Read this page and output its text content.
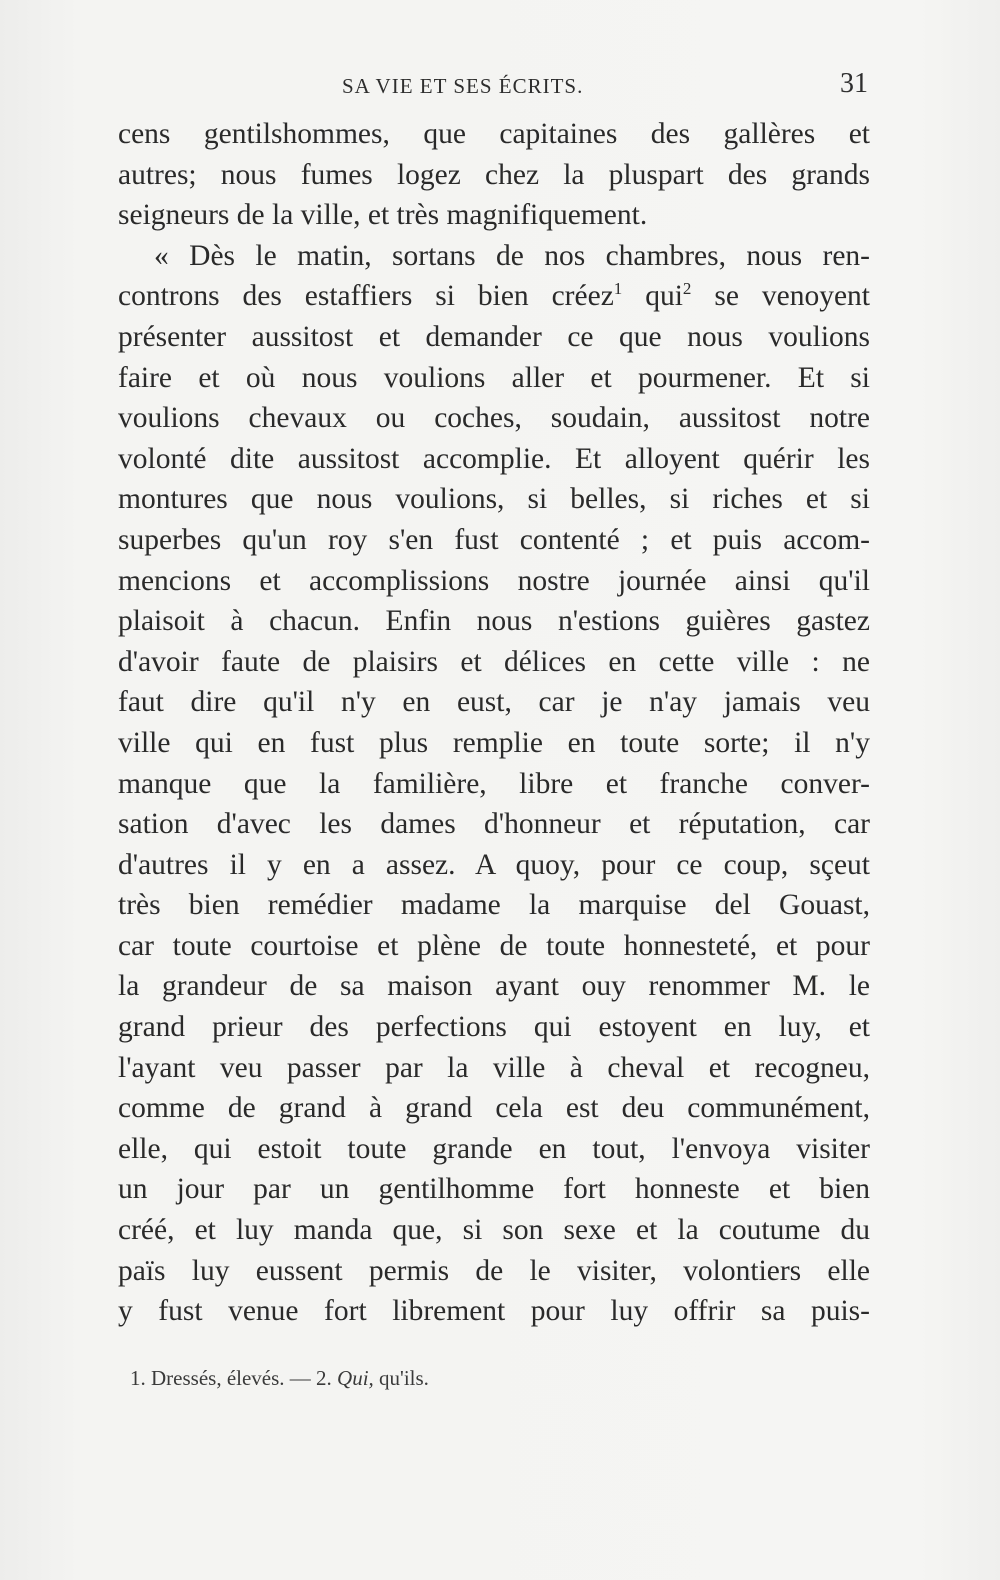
SA VIE ET SES ÉCRITS.	31
cens gentilshommes, que capitaines des gallères et
autres; nous fumes logez chez la pluspart des grands
seigneurs de la ville, et très magnifiquement.
« Dès le matin, sortans de nos chambres, nous ren-
controns des estaffiers si bien créez$^1$ qui$^2$ se venoyent
présenter aussitost et demander ce que nous voulions
faire et où nous voulions aller et pourmener. Et si
voulions chevaux ou coches, soudain, aussitost notre
volonté dite aussitost accomplie. Et alloyent quérir les
montures que nous voulions, si belles, si riches et si
superbes qu'un roy s'en fust contenté ; et puis accom-
mencions et accomplissions nostre journée ainsi qu'il
plaisoit à chacun. Enfin nous n'estions guières gastez
d'avoir faute de plaisirs et délices en cette ville : ne
faut dire qu'il n'y en eust, car je n'ay jamais veu
ville qui en fust plus remplie en toute sorte; il n'y
manque que la familière, libre et franche conver-
sation d'avec les dames d'honneur et réputation, car
d'autres il y en a assez. A quoy, pour ce coup, sçeut
très bien remédier madame la marquise del Gouast,
car toute courtoise et plène de toute honnesteté, et pour
la grandeur de sa maison ayant ouy renommer M. le
grand prieur des perfections qui estoyent en luy, et
l'ayant veu passer par la ville à cheval et recogneu,
comme de grand à grand cela est deu communément,
elle, qui estoit toute grande en tout, l'envoya visiter
un jour par un gentilhomme fort honneste et bien
créé, et luy manda que, si son sexe et la coutume du
païs luy eussent permis de le visiter, volontiers elle
y fust venue fort librement pour luy offrir sa puis-
1. Dressés, élevés. — 2. Qui, qu'ils.
